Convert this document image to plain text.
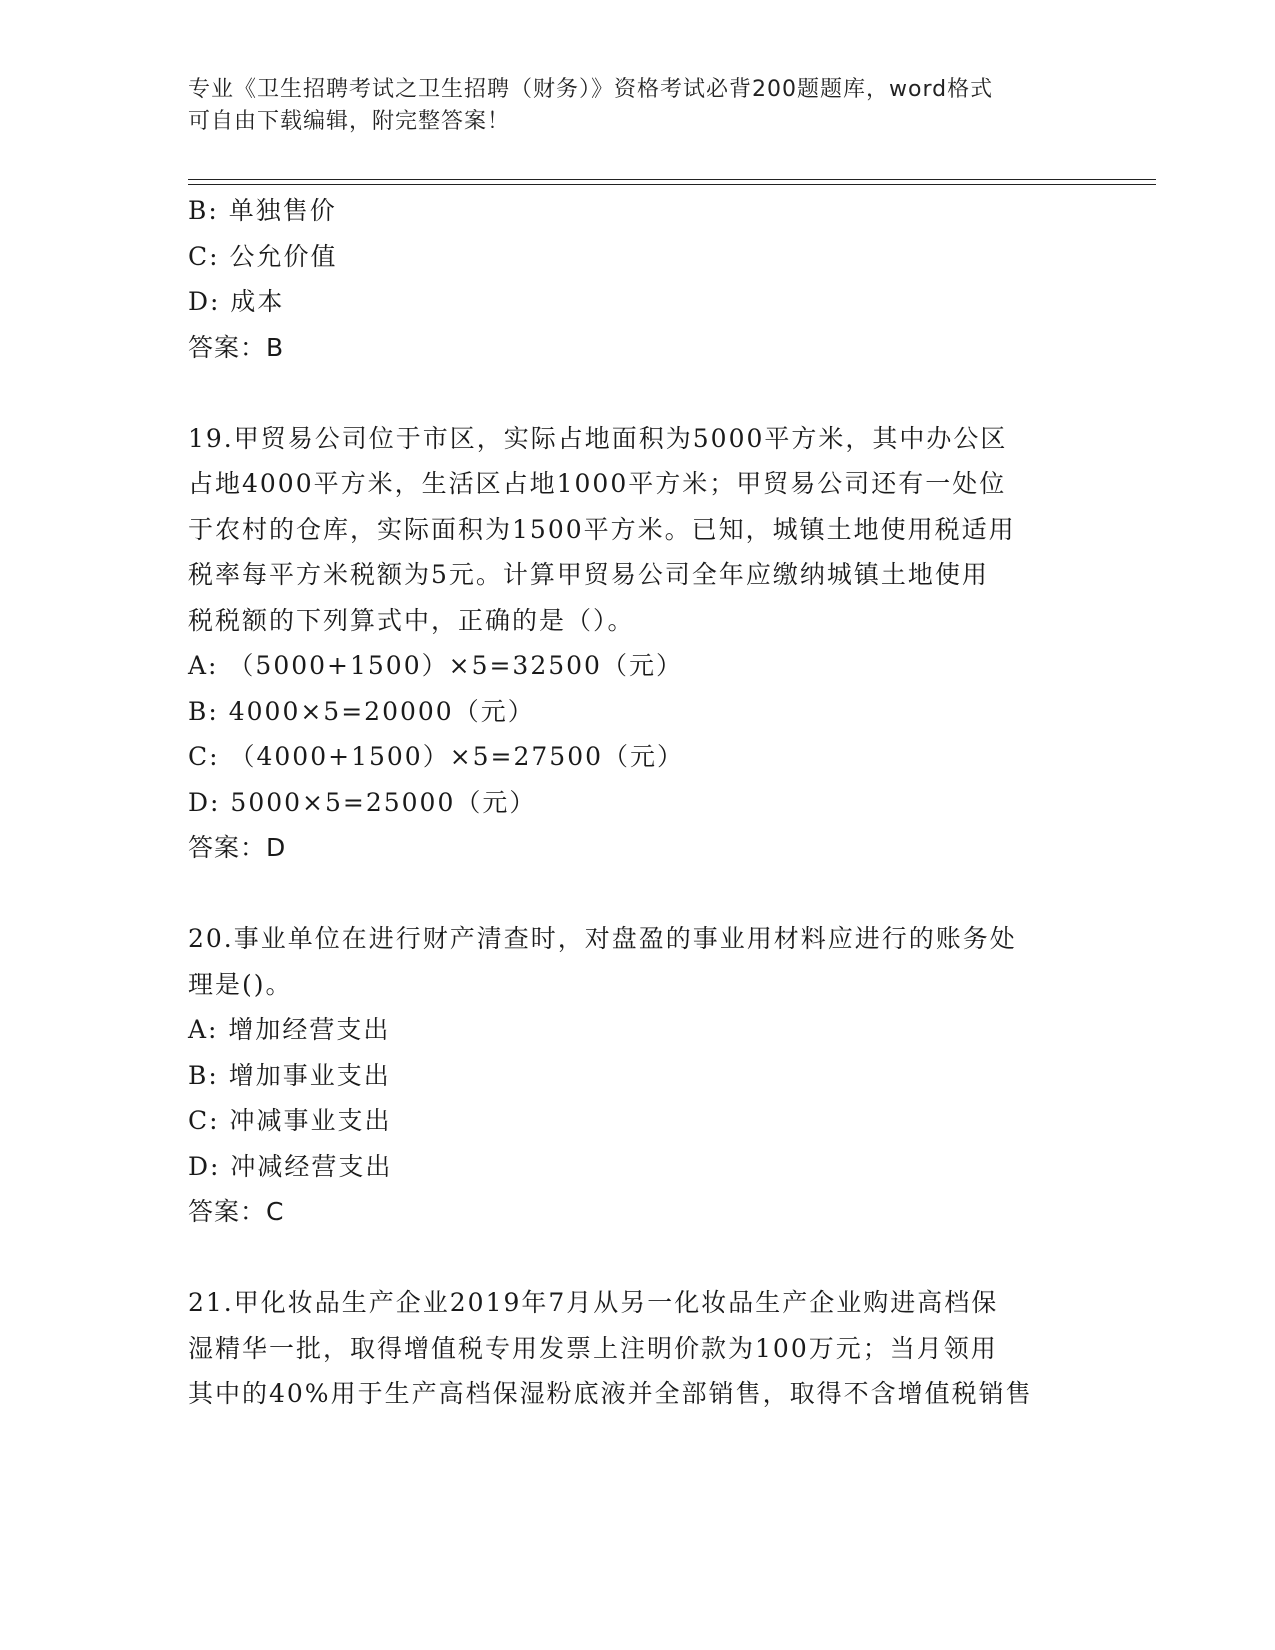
专业《卫生招聘考试之卫生招聘（财务）》资格考试必背200题题库，word格式
可自由下载编辑，附完整答案！
B: 单独售价
C: 公允价值
D: 成本
答案：B
19.甲贸易公司位于市区，实际占地面积为5000平方米，其中办公区
占地4000平方米，生活区占地1000平方米；甲贸易公司还有一处位
于农村的仓库，实际面积为1500平方米。已知，城镇土地使用税适用
税率每平方米税额为5元。计算甲贸易公司全年应缴纳城镇土地使用
税税额的下列算式中，正确的是（）。
A: （5000+1500）×5=32500（元）
B: 4000×5=20000（元）
C: （4000+1500）×5=27500（元）
D: 5000×5=25000（元）
答案：D
20.事业单位在进行财产清查时，对盘盈的事业用材料应进行的账务处
理是()。
A: 增加经营支出
B: 增加事业支出
C: 冲减事业支出
D: 冲减经营支出
答案：C
21.甲化妆品生产企业2019年7月从另一化妆品生产企业购进高档保
湿精华一批，取得增值税专用发票上注明价款为100万元；当月领用
其中的40%用于生产高档保湿粉底液并全部销售，取得不含增值税销售
